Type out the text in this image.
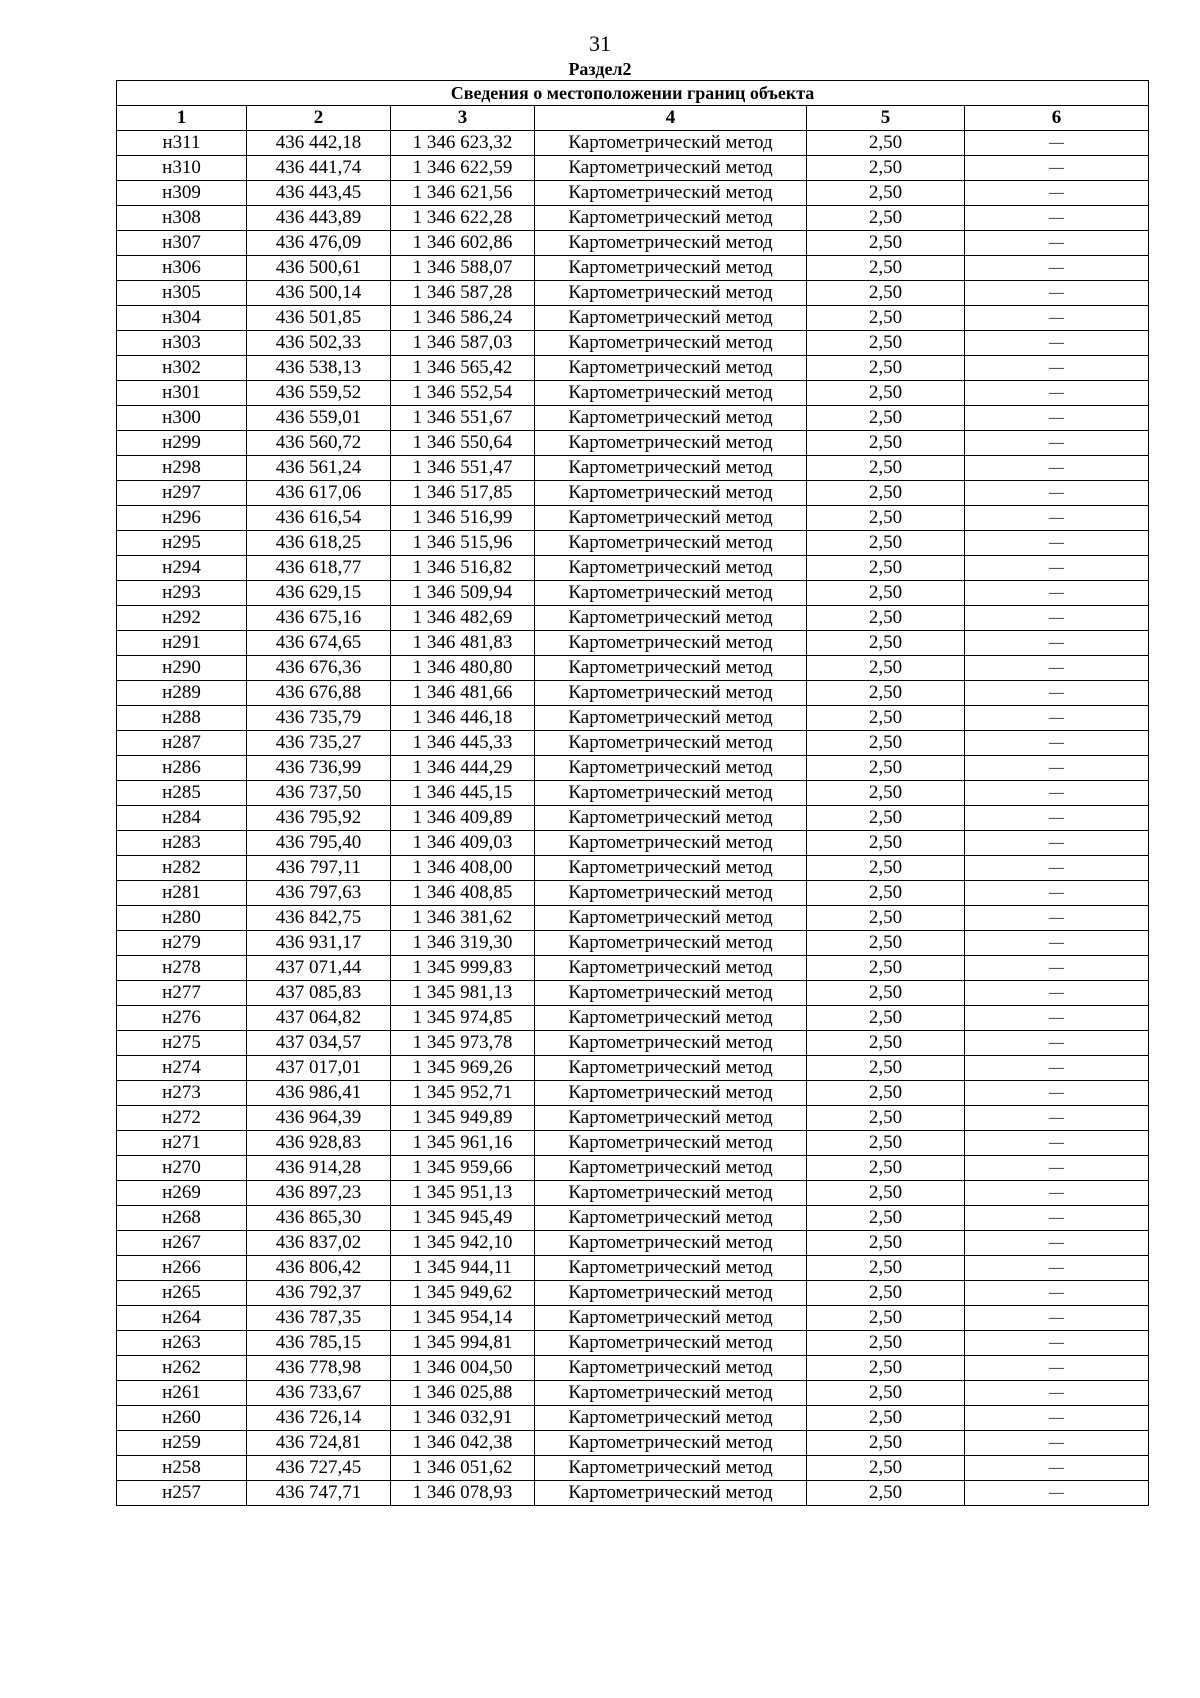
31
Раздел2
Сведения о местоположении границ объекта					
1	2	3	4	5	6
н311	436 442,18	1 346 623,32	Картометрический метод	2,50	—
н310	436 441,74	1 346 622,59	Картометрический метод	2,50	—
н309	436 443,45	1 346 621,56	Картометрический метод	2,50	—
н308	436 443,89	1 346 622,28	Картометрический метод	2,50	—
н307	436 476,09	1 346 602,86	Картометрический метод	2,50	—
н306	436 500,61	1 346 588,07	Картометрический метод	2,50	—
н305	436 500,14	1 346 587,28	Картометрический метод	2,50	—
н304	436 501,85	1 346 586,24	Картометрический метод	2,50	—
н303	436 502,33	1 346 587,03	Картометрический метод	2,50	—
н302	436 538,13	1 346 565,42	Картометрический метод	2,50	—
н301	436 559,52	1 346 552,54	Картометрический метод	2,50	—
н300	436 559,01	1 346 551,67	Картометрический метод	2,50	—
н299	436 560,72	1 346 550,64	Картометрический метод	2,50	—
н298	436 561,24	1 346 551,47	Картометрический метод	2,50	—
н297	436 617,06	1 346 517,85	Картометрический метод	2,50	—
н296	436 616,54	1 346 516,99	Картометрический метод	2,50	—
н295	436 618,25	1 346 515,96	Картометрический метод	2,50	—
н294	436 618,77	1 346 516,82	Картометрический метод	2,50	—
н293	436 629,15	1 346 509,94	Картометрический метод	2,50	—
н292	436 675,16	1 346 482,69	Картометрический метод	2,50	—
н291	436 674,65	1 346 481,83	Картометрический метод	2,50	—
н290	436 676,36	1 346 480,80	Картометрический метод	2,50	—
н289	436 676,88	1 346 481,66	Картометрический метод	2,50	—
н288	436 735,79	1 346 446,18	Картометрический метод	2,50	—
н287	436 735,27	1 346 445,33	Картометрический метод	2,50	—
н286	436 736,99	1 346 444,29	Картометрический метод	2,50	—
н285	436 737,50	1 346 445,15	Картометрический метод	2,50	—
н284	436 795,92	1 346 409,89	Картометрический метод	2,50	—
н283	436 795,40	1 346 409,03	Картометрический метод	2,50	—
н282	436 797,11	1 346 408,00	Картометрический метод	2,50	—
н281	436 797,63	1 346 408,85	Картометрический метод	2,50	—
н280	436 842,75	1 346 381,62	Картометрический метод	2,50	—
н279	436 931,17	1 346 319,30	Картометрический метод	2,50	—
н278	437 071,44	1 345 999,83	Картометрический метод	2,50	—
н277	437 085,83	1 345 981,13	Картометрический метод	2,50	—
н276	437 064,82	1 345 974,85	Картометрический метод	2,50	—
н275	437 034,57	1 345 973,78	Картометрический метод	2,50	—
н274	437 017,01	1 345 969,26	Картометрический метод	2,50	—
н273	436 986,41	1 345 952,71	Картометрический метод	2,50	—
н272	436 964,39	1 345 949,89	Картометрический метод	2,50	—
н271	436 928,83	1 345 961,16	Картометрический метод	2,50	—
н270	436 914,28	1 345 959,66	Картометрический метод	2,50	—
н269	436 897,23	1 345 951,13	Картометрический метод	2,50	—
н268	436 865,30	1 345 945,49	Картометрический метод	2,50	—
н267	436 837,02	1 345 942,10	Картометрический метод	2,50	—
н266	436 806,42	1 345 944,11	Картометрический метод	2,50	—
н265	436 792,37	1 345 949,62	Картометрический метод	2,50	—
н264	436 787,35	1 345 954,14	Картометрический метод	2,50	—
н263	436 785,15	1 345 994,81	Картометрический метод	2,50	—
н262	436 778,98	1 346 004,50	Картометрический метод	2,50	—
н261	436 733,67	1 346 025,88	Картометрический метод	2,50	—
н260	436 726,14	1 346 032,91	Картометрический метод	2,50	—
н259	436 724,81	1 346 042,38	Картометрический метод	2,50	—
н258	436 727,45	1 346 051,62	Картометрический метод	2,50	—
н257	436 747,71	1 346 078,93	Картометрический метод	2,50	—
